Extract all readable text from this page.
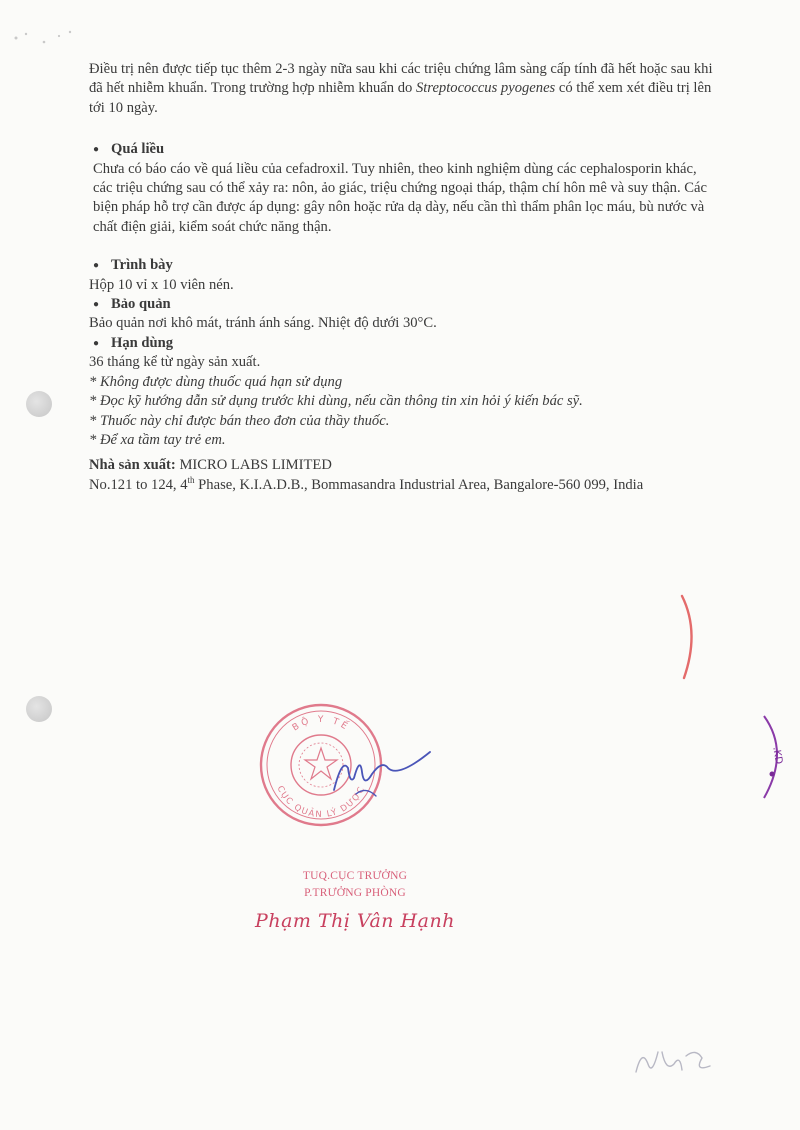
.KD

Điều trị nên được tiếp tục thêm 2-3 ngày nữa sau khi các triệu chứng lâm sàng cấp tính đã hết hoặc sau khi đã hết nhiễm khuẩn. Trong trường hợp nhiễm khuẩn do Streptococcus pyogenes có thể xem xét điều trị lên tới 10 ngày.

● Quá liều

Chưa có báo cáo về quá liều của cefadroxil. Tuy nhiên, theo kinh nghiệm dùng các cephalosporin khác, các triệu chứng sau có thể xảy ra: nôn, ảo giác, triệu chứng ngoại tháp, thậm chí hôn mê và suy thận. Các biện pháp hỗ trợ cần được áp dụng: gây nôn hoặc rửa dạ dày, nếu cần thì thẩm phân lọc máu, bù nước và chất điện giải, kiểm soát chức năng thận.

● Trình bày

Hộp 10 vỉ x 10 viên nén.

● Bảo quản

Bảo quản nơi khô mát, tránh ánh sáng. Nhiệt độ dưới 30°C.

● Hạn dùng

36 tháng kể từ ngày sản xuất.

* Không được dùng thuốc quá hạn sử dụng

* Đọc kỹ hướng dẫn sử dụng trước khi dùng, nếu cần thông tin xin hỏi ý kiến bác sỹ.

* Thuốc này chỉ được bán theo đơn của thầy thuốc.

* Để xa tầm tay trẻ em.

Nhà sản xuất: MICRO LABS LIMITED

No.121 to 124, 4th Phase, K.I.A.D.B., Bommasandra Industrial Area, Bangalore-560 099, India

BỘ Y TẾ
CỤC QUẢN LÝ DƯỢC
TUQ.CỤC TRƯỞNG
P.TRƯỞNG PHÒNG
Phạm Thị Vân Hạnh
